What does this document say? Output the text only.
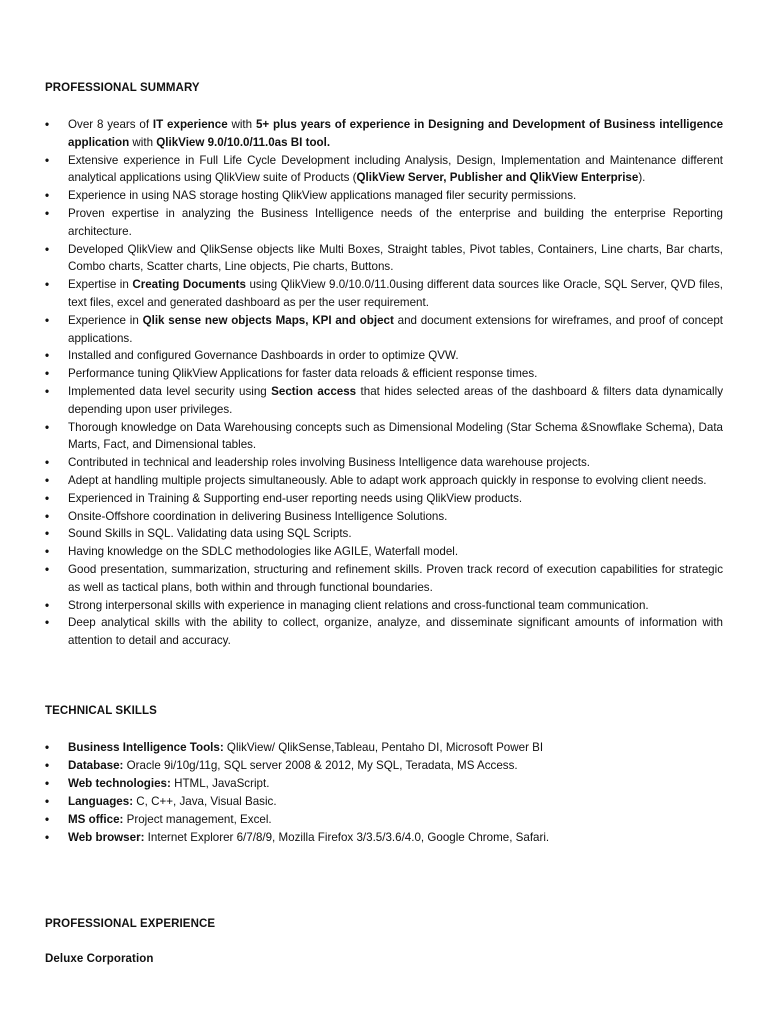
PROFESSIONAL SUMMARY
• Over 8 years of IT experience with 5+ plus years of experience in Designing and Development of Business intelligence application with QlikView 9.0/10.0/11.0as BI tool.
• Extensive experience in Full Life Cycle Development including Analysis, Design, Implementation and Maintenance different analytical applications using QlikView suite of Products (QlikView Server, Publisher and QlikView Enterprise).
• Experience in using NAS storage hosting QlikView applications managed filer security permissions.
• Proven expertise in analyzing the Business Intelligence needs of the enterprise and building the enterprise Reporting architecture.
• Developed QlikView and QlikSense objects like Multi Boxes, Straight tables, Pivot tables, Containers, Line charts, Bar charts, Combo charts, Scatter charts, Line objects, Pie charts, Buttons.
• Expertise in Creating Documents using QlikView 9.0/10.0/11.0using different data sources like Oracle, SQL Server, QVD files, text files, excel and generated dashboard as per the user requirement.
• Experience in Qlik sense new objects Maps, KPI and object and document extensions for wireframes, and proof of concept applications.
• Installed and configured Governance Dashboards in order to optimize QVW.
• Performance tuning QlikView Applications for faster data reloads & efficient response times.
• Implemented data level security using Section access that hides selected areas of the dashboard & filters data dynamically depending upon user privileges.
• Thorough knowledge on Data Warehousing concepts such as Dimensional Modeling (Star Schema &Snowflake Schema), Data Marts, Fact, and Dimensional tables.
• Contributed in technical and leadership roles involving Business Intelligence data warehouse projects.
• Adept at handling multiple projects simultaneously. Able to adapt work approach quickly in response to evolving client needs.
• Experienced in Training & Supporting end-user reporting needs using QlikView products.
• Onsite-Offshore coordination in delivering Business Intelligence Solutions.
• Sound Skills in SQL. Validating data using SQL Scripts.
• Having knowledge on the SDLC methodologies like AGILE, Waterfall model.
• Good presentation, summarization, structuring and refinement skills. Proven track record of execution capabilities for strategic as well as tactical plans, both within and through functional boundaries.
• Strong interpersonal skills with experience in managing client relations and cross-functional team communication.
• Deep analytical skills with the ability to collect, organize, analyze, and disseminate significant amounts of information with attention to detail and accuracy.
TECHNICAL SKILLS
• Business Intelligence Tools: QlikView/ QlikSense,Tableau, Pentaho DI, Microsoft Power BI
• Database: Oracle 9i/10g/11g, SQL server 2008 & 2012, My SQL, Teradata, MS Access.
• Web technologies: HTML, JavaScript.
• Languages: C, C++, Java, Visual Basic.
• MS office: Project management, Excel.
• Web browser: Internet Explorer 6/7/8/9, Mozilla Firefox 3/3.5/3.6/4.0, Google Chrome, Safari.
PROFESSIONAL EXPERIENCE
Deluxe Corporation
